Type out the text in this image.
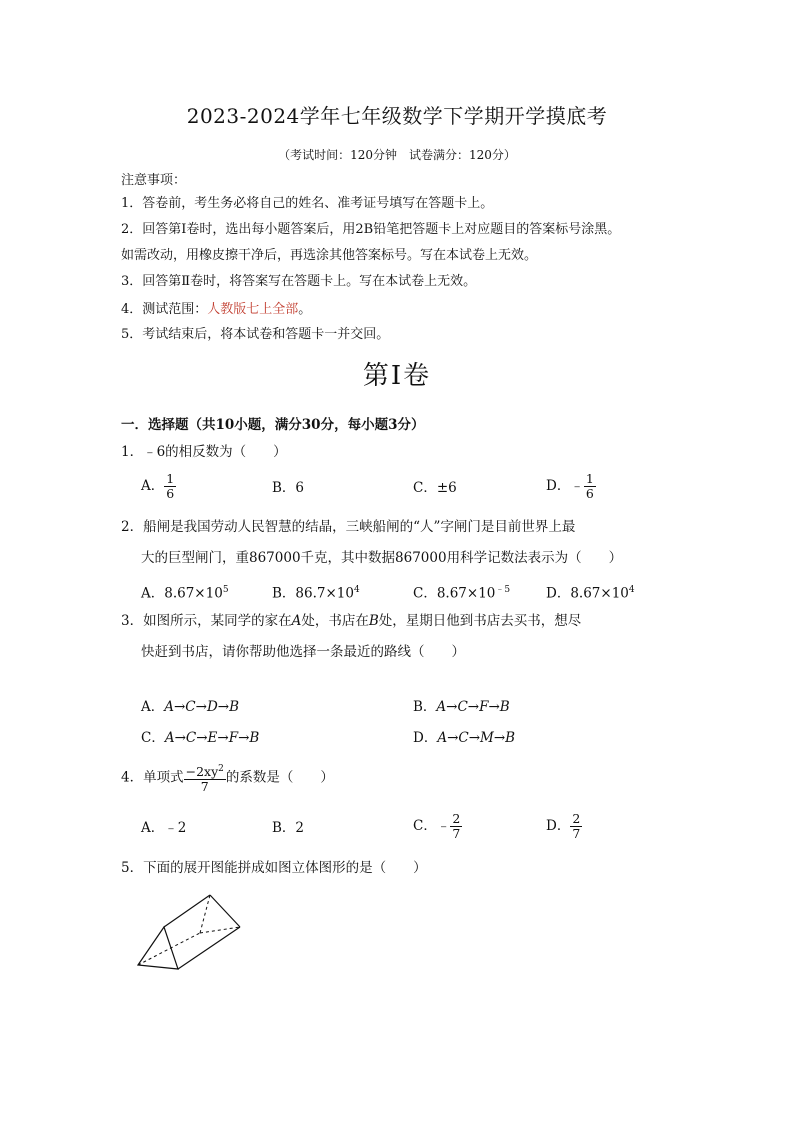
2023-2024学年七年级数学下学期开学摸底考
（考试时间：120分钟　试卷满分：120分）
注意事项：
1．答卷前，考生务必将自己的姓名、准考证号填写在答题卡上。
2．回答第Ⅰ卷时，选出每小题答案后，用2B铅笔把答题卡上对应题目的答案标号涂黑。
如需改动，用橡皮擦干净后，再选涂其他答案标号。写在本试卷上无效。
3．回答第Ⅱ卷时，将答案写在答题卡上。写在本试卷上无效。
4．测试范围：人教版七上全部。
5．考试结束后，将本试卷和答题卡一并交回。
第Ⅰ卷
一．选择题（共10小题，满分30分，每小题3分）
1．﹣6的相反数为（　　）
A． $\frac{1}{6}$	B．6	C．±6	D．﹣ $\frac{1}{6}$
2．船闸是我国劳动人民智慧的结晶，三峡船闸的“人”字闸门是目前世界上最
大的巨型闸门，重867000千克，其中数据867000用科学记数法表示为（　　）
A．$8.67\times 10^5$	B．$86.7\times 10^4$	C．$8.67\times 10^{﹣5}$	D．$8.67\times 10^4$
3．如图所示，某同学的家在A处，书店在B处，星期日他到书店去买书，想尽
快赶到书店，请你帮助他选择一条最近的路线（　　）
A．A→C→D→B	B．A→C→F→B
C．A→C→E→F→B	D．A→C→M→B
4．单项式 $\frac{-2xy^2}{7}$ 的系数是（　　）
A．﹣2	B．2	C．﹣ $\frac{2}{7}$	D． $\frac{2}{7}$
5．下面的展开图能拼成如图立体图形的是（　　）
